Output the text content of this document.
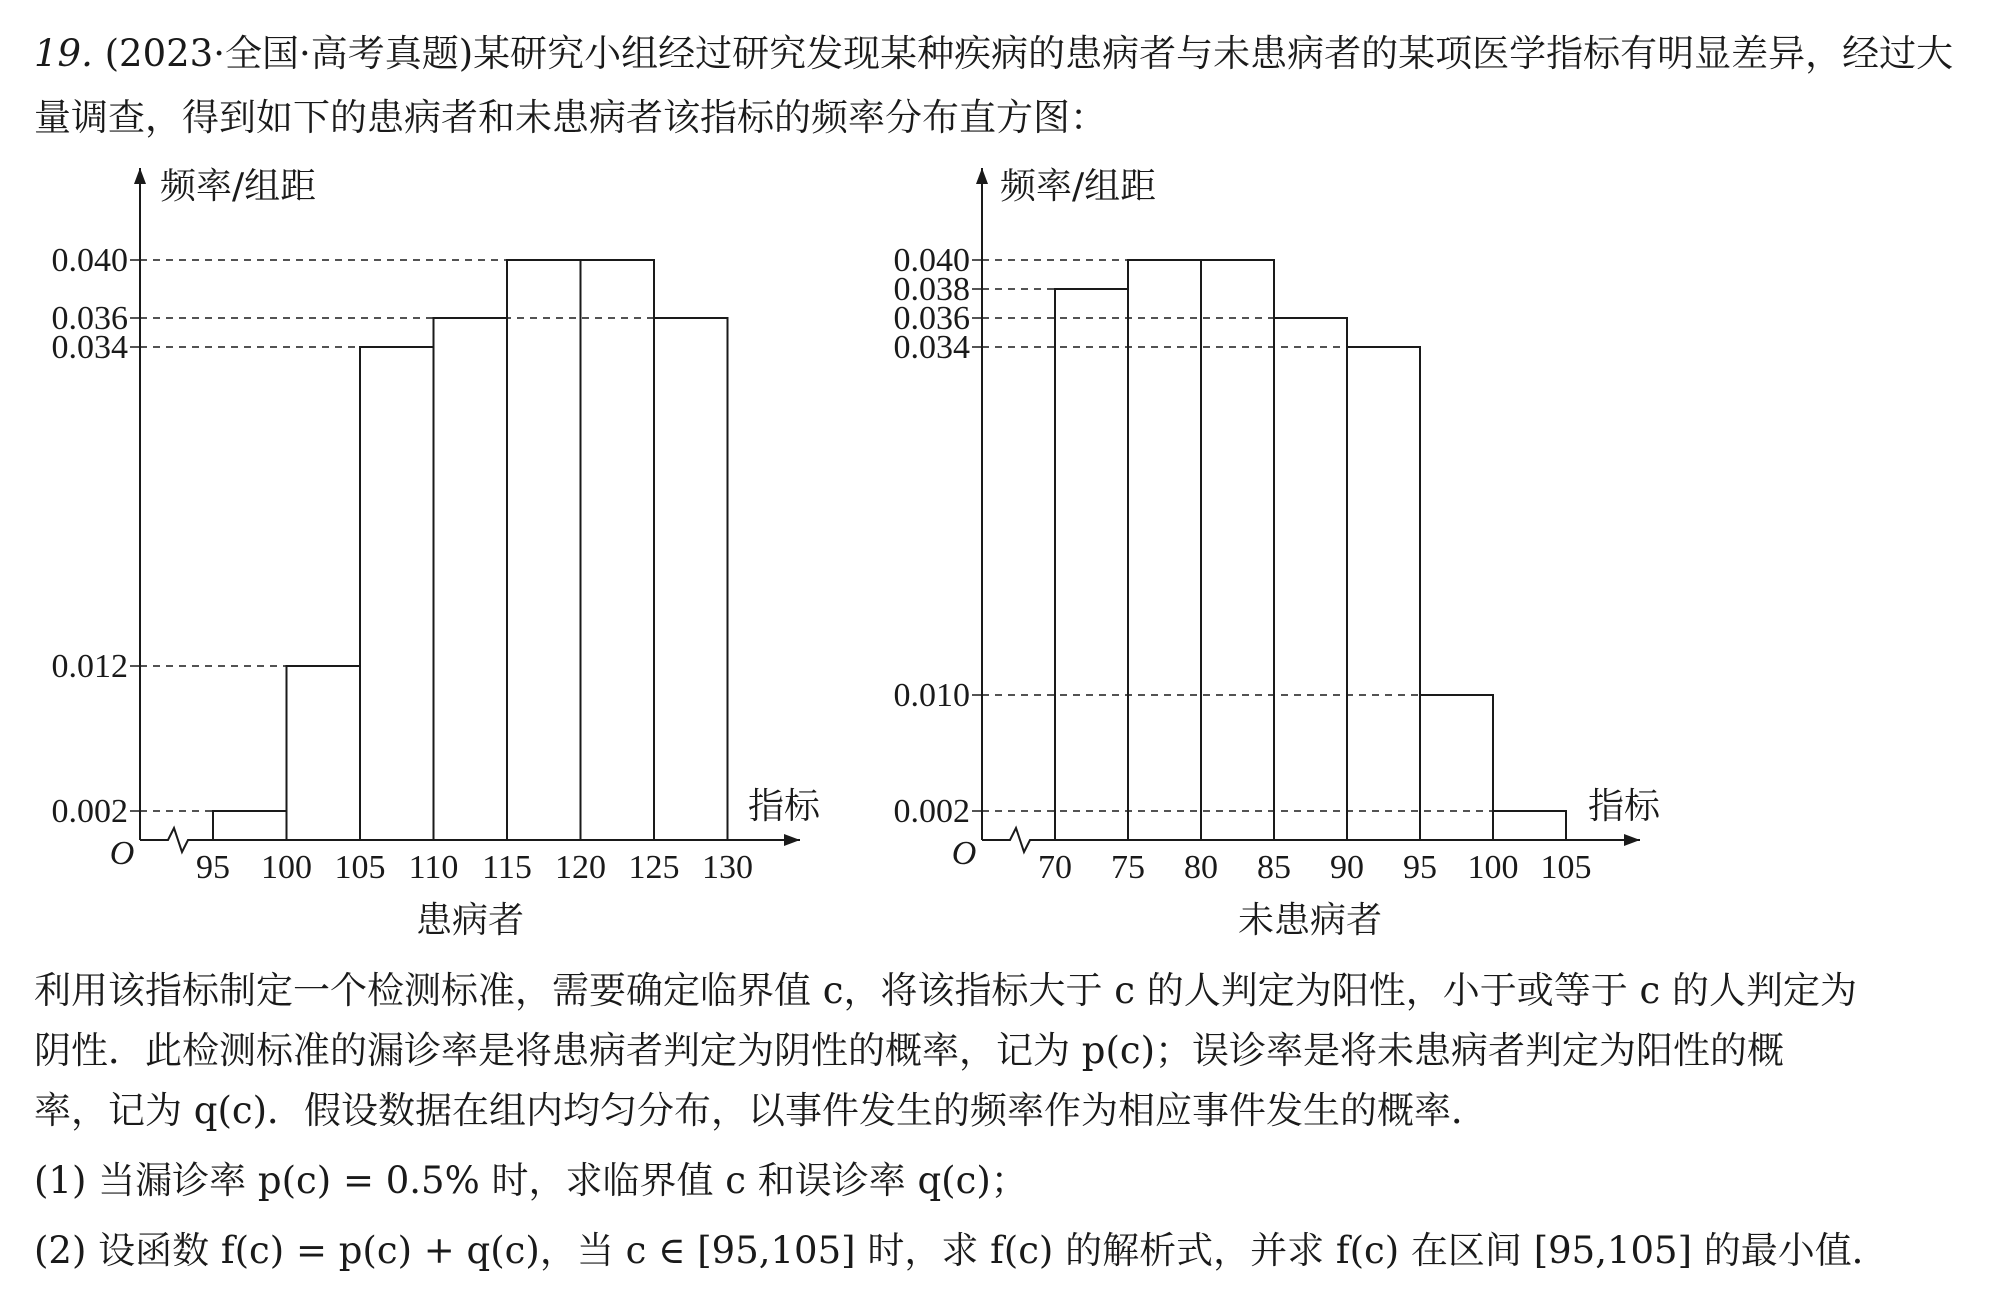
19. (2023·全国·高考真题)某研究小组经过研究发现某种疾病的患病者与未患病者的某项医学指标有明显差异，经过大量调查，得到如下的患病者和未患病者该指标的频率分布直方图：

O
0.040
0.036
0.034
0.012
0.002
95 100 105 110 115 120 125 130
频率/组距
指标
患病者
O
0.040
0.038
0.036
0.034
0.010
0.002
70 75 80 85 90 95 100 105
频率/组距
指标
未患病者

利用该指标制定一个检测标准，需要确定临界值 c，将该指标大于 c 的人判定为阳性，小于或等于 c 的人判定为

阴性．此检测标准的漏诊率是将患病者判定为阴性的概率，记为 p(c)；误诊率是将未患病者判定为阳性的概

率，记为 q(c)．假设数据在组内均匀分布，以事件发生的频率作为相应事件发生的概率．

(1) 当漏诊率 p(c) = 0.5% 时，求临界值 c 和误诊率 q(c)；

(2) 设函数 f(c) = p(c) + q(c)，当 c ∈ [95,105] 时，求 f(c) 的解析式，并求 f(c) 在区间 [95,105] 的最小值．
